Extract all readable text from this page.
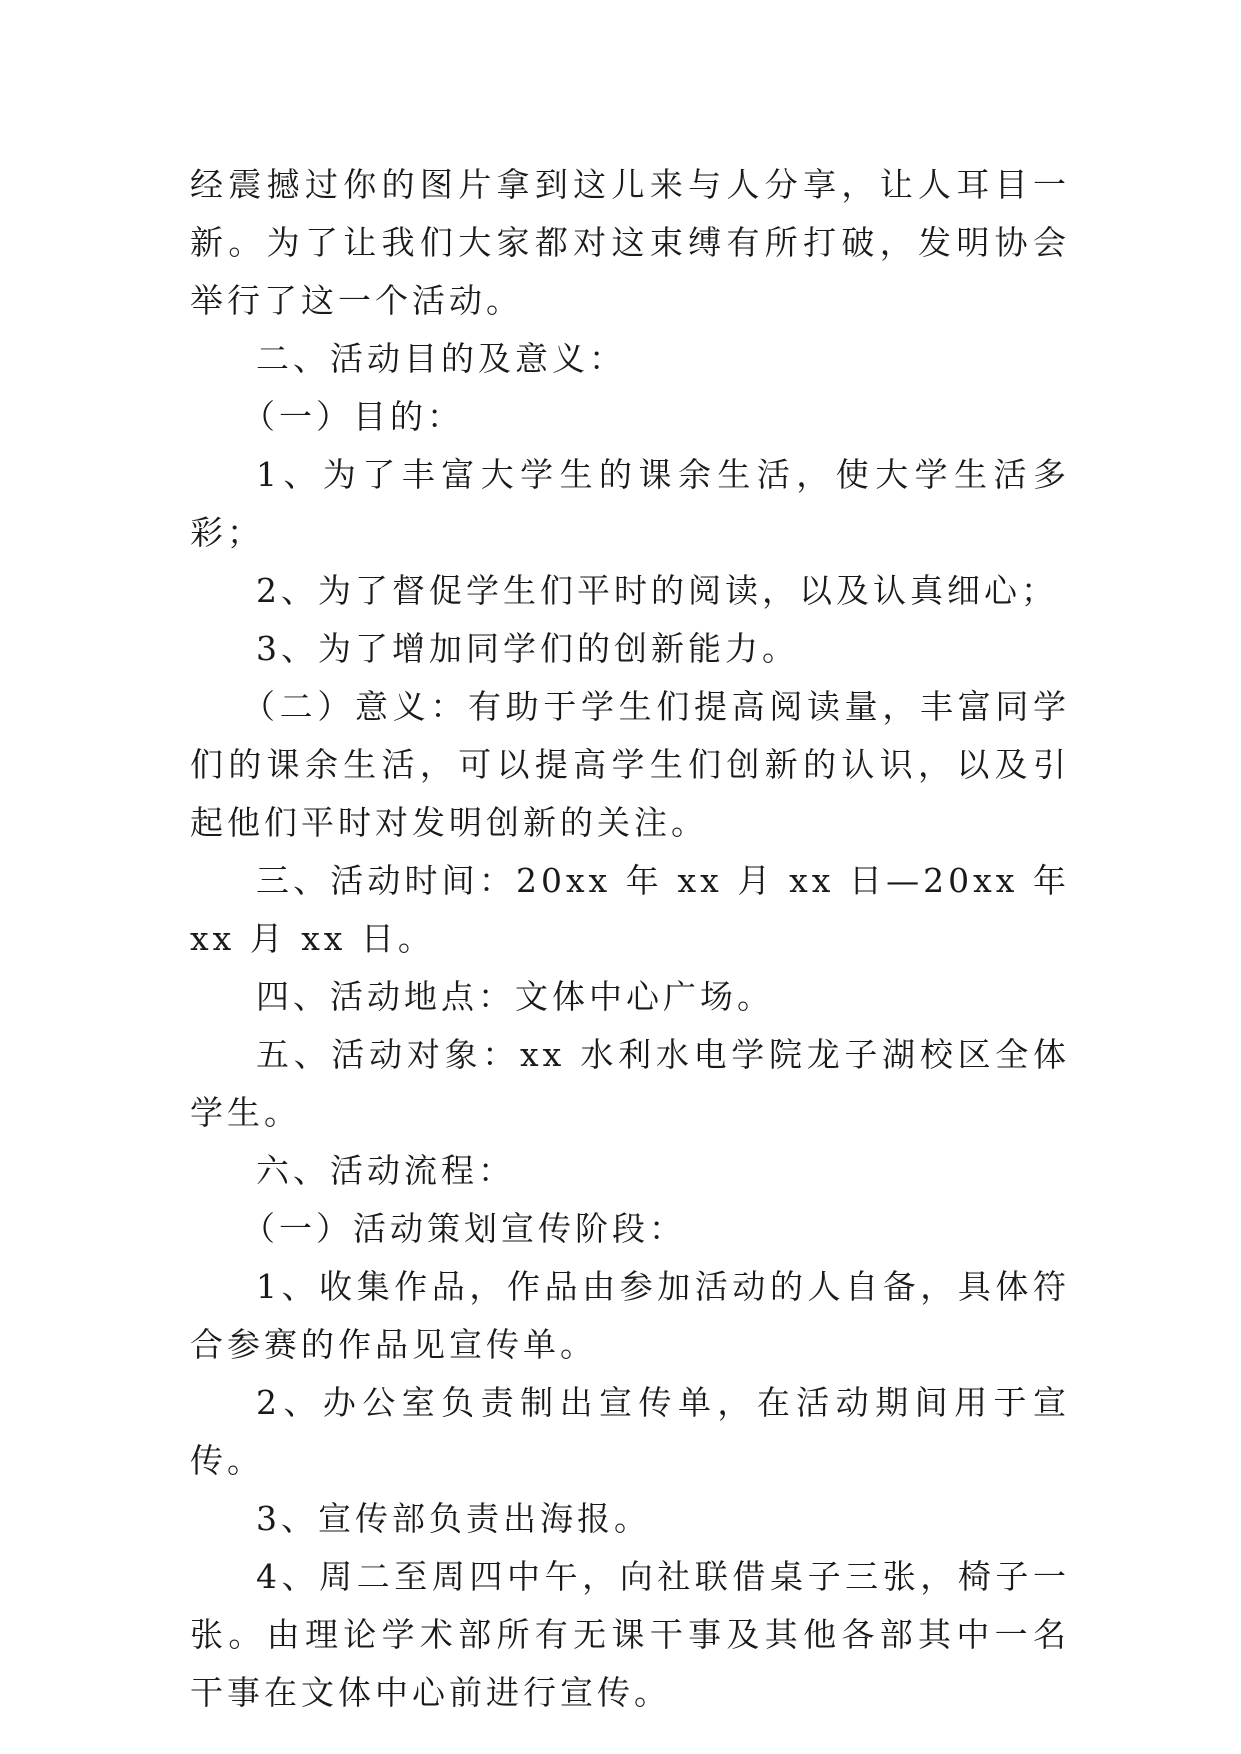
经震撼过你的图片拿到这儿来与人分享，让人耳目一新。为了让我们大家都对这束缚有所打破，发明协会举行了这一个活动。

二、活动目的及意义：

（一）目的：

1、为了丰富大学生的课余生活，使大学生活多彩；

2、为了督促学生们平时的阅读，以及认真细心；

3、为了增加同学们的创新能力。

（二）意义：有助于学生们提高阅读量，丰富同学们的课余生活，可以提高学生们创新的认识，以及引起他们平时对发明创新的关注。

三、活动时间：20xx 年 xx 月 xx 日—20xx 年 xx 月 xx 日。

四、活动地点：文体中心广场。

五、活动对象：xx 水利水电学院龙子湖校区全体学生。

六、活动流程：

（一）活动策划宣传阶段：

1、收集作品，作品由参加活动的人自备，具体符合参赛的作品见宣传单。

2、办公室负责制出宣传单，在活动期间用于宣传。

3、宣传部负责出海报。

4、周二至周四中午，向社联借桌子三张，椅子一张。由理论学术部所有无课干事及其他各部其中一名干事在文体中心前进行宣传。
